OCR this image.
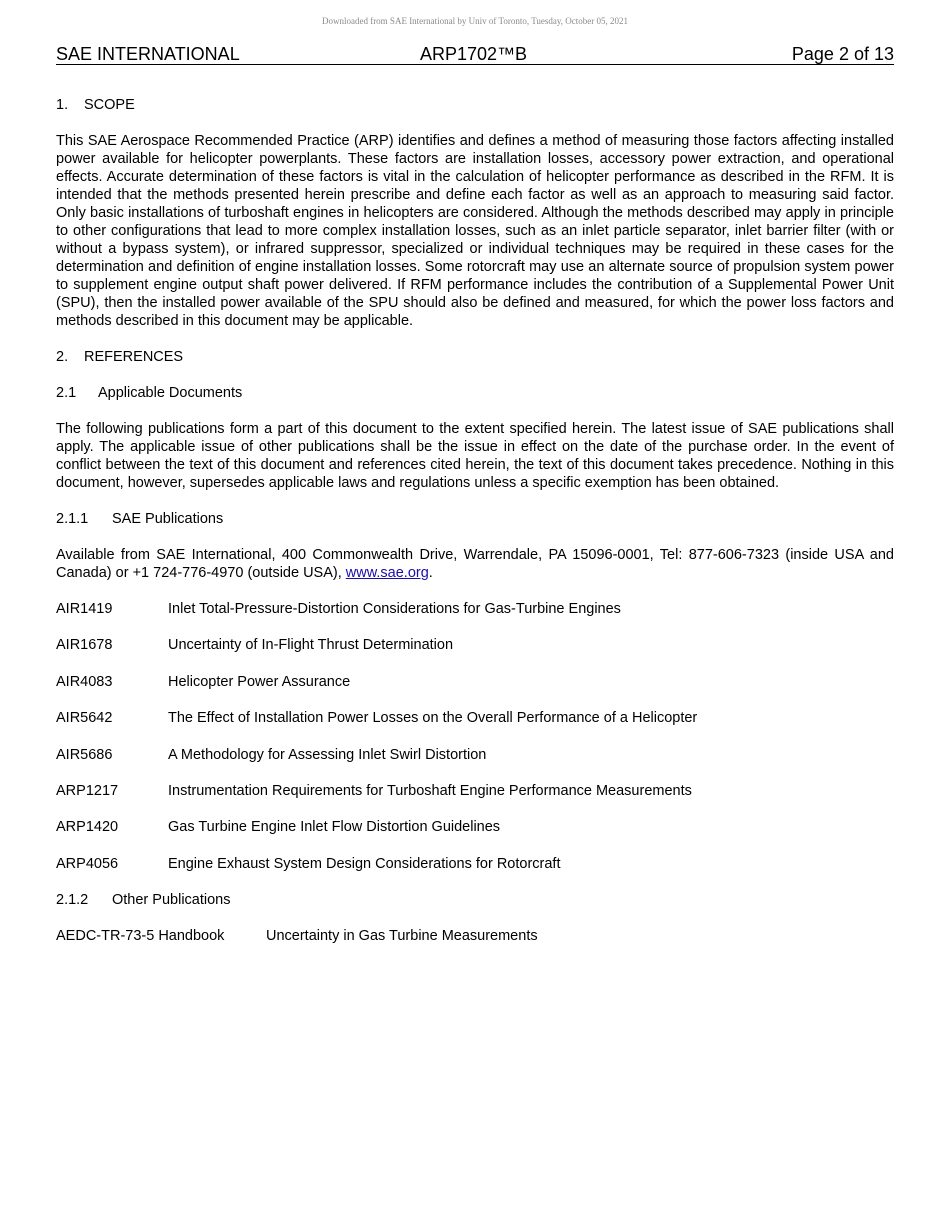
Downloaded from SAE International by Univ of Toronto, Tuesday, October 05, 2021
SAE INTERNATIONAL	ARP1702™B	Page 2 of 13
1. SCOPE

This SAE Aerospace Recommended Practice (ARP) identifies and defines a method of measuring those factors affecting installed power available for helicopter powerplants. These factors are installation losses, accessory power extraction, and operational effects. Accurate determination of these factors is vital in the calculation of helicopter performance as described in the RFM. It is intended that the methods presented herein prescribe and define each factor as well as an approach to measuring said factor. Only basic installations of turboshaft engines in helicopters are considered. Although the methods described may apply in principle to other configurations that lead to more complex installation losses, such as an inlet particle separator, inlet barrier filter (with or without a bypass system), or infrared suppressor, specialized or individual techniques may be required in these cases for the determination and definition of engine installation losses. Some rotorcraft may use an alternate source of propulsion system power to supplement engine output shaft power delivered. If RFM performance includes the contribution of a Supplemental Power Unit (SPU), then the installed power available of the SPU should also be defined and measured, for which the power loss factors and methods described in this document may be applicable.

2. REFERENCES
2.1 Applicable Documents

The following publications form a part of this document to the extent specified herein. The latest issue of SAE publications shall apply. The applicable issue of other publications shall be the issue in effect on the date of the purchase order. In the event of conflict between the text of this document and references cited herein, the text of this document takes precedence. Nothing in this document, however, supersedes applicable laws and regulations unless a specific exemption has been obtained.

2.1.1 SAE Publications

Available from SAE International, 400 Commonwealth Drive, Warrendale, PA 15096-0001, Tel: 877-606-7323 (inside USA and Canada) or +1 724-776-4970 (outside USA), www.sae.org.

AIR1419	Inlet Total-Pressure-Distortion Considerations for Gas-Turbine Engines
AIR1678	Uncertainty of In-Flight Thrust Determination
AIR4083	Helicopter Power Assurance
AIR5642	The Effect of Installation Power Losses on the Overall Performance of a Helicopter
AIR5686	A Methodology for Assessing Inlet Swirl Distortion
ARP1217	Instrumentation Requirements for Turboshaft Engine Performance Measurements
ARP1420	Gas Turbine Engine Inlet Flow Distortion Guidelines
ARP4056	Engine Exhaust System Design Considerations for Rotorcraft
2.1.2 Other Publications
AEDC-TR-73-5 Handbook	Uncertainty in Gas Turbine Measurements
